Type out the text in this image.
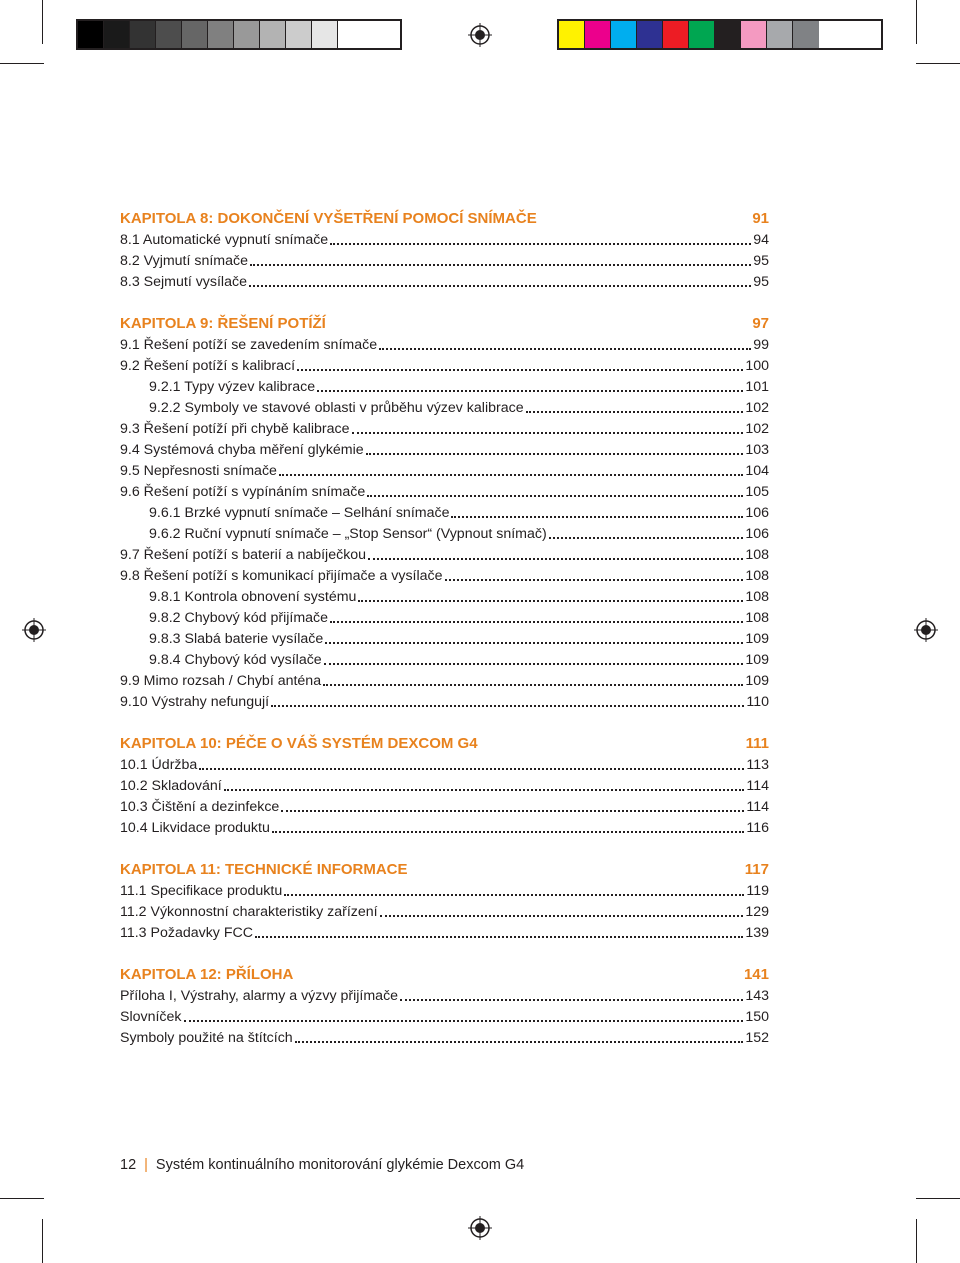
KAPITOLA 8: DOKONČENÍ VYŠETŘENÍ POMOCÍ SNÍMAČE	91
8.1 Automatické vypnutí snímače	94
8.2 Vyjmutí snímače	95
8.3 Sejmutí vysílače	95
KAPITOLA 9: ŘEŠENÍ POTÍŽÍ	97
9.1 Řešení potíží se zavedením snímače	99
9.2 Řešení potíží s kalibrací	100
9.2.1 Typy výzev kalibrace	101
9.2.2 Symboly ve stavové oblasti v průběhu výzev kalibrace	102
9.3 Řešení potíží při chybě kalibrace	102
9.4 Systémová chyba měření glykémie	103
9.5 Nepřesnosti snímače	104
9.6 Řešení potíží s vypínáním snímače	105
9.6.1 Brzké vypnutí snímače – Selhání snímače	106
9.6.2 Ruční vypnutí snímače – „Stop Sensor“ (Vypnout snímač)	106
9.7 Řešení potíží s baterií a nabíječkou	108
9.8 Řešení potíží s komunikací přijímače a vysílače	108
9.8.1 Kontrola obnovení systému	108
9.8.2 Chybový kód přijímače	108
9.8.3 Slabá baterie vysílače	109
9.8.4 Chybový kód vysílače	109
9.9 Mimo rozsah / Chybí anténa	109
9.10 Výstrahy nefungují	110
KAPITOLA 10: PÉČE O VÁŠ SYSTÉM DEXCOM G4	111
10.1 Údržba	113
10.2 Skladování	114
10.3 Čištění a dezinfekce	114
10.4 Likvidace produktu	116
KAPITOLA 11: TECHNICKÉ INFORMACE	117
11.1 Specifikace produktu	119
11.2 Výkonnostní charakteristiky zařízení	129
11.3 Požadavky FCC	139
KAPITOLA 12: PŘÍLOHA	141
Příloha I, Výstrahy, alarmy a výzvy přijímače	143
Slovníček	150
Symboly použité na štítcích	152
12 | Systém kontinuálního monitorování glykémie Dexcom G4
